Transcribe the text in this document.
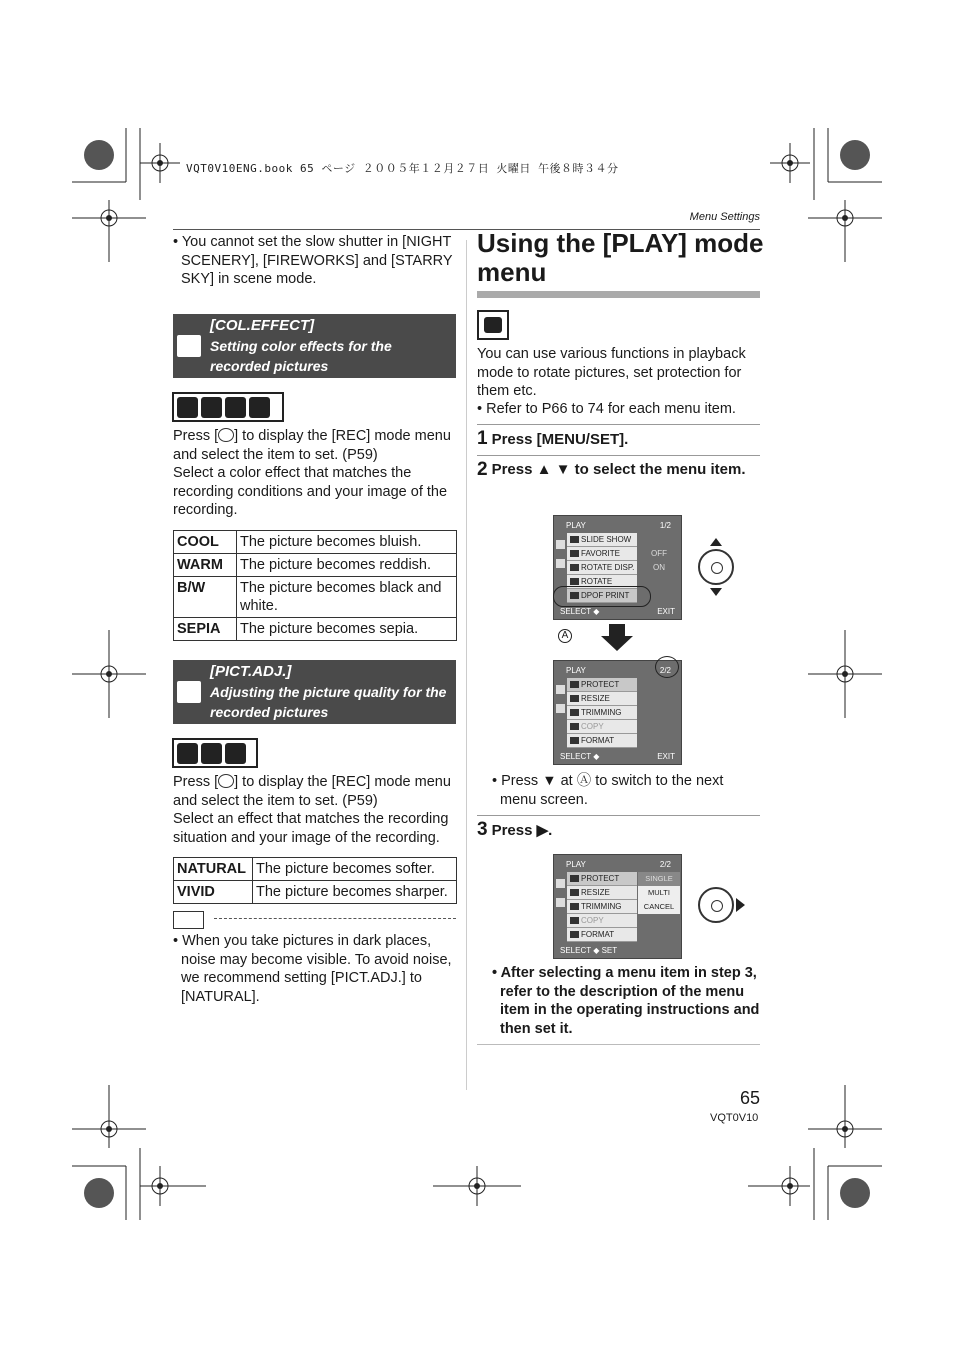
VQT0V10ENG.book 65 ページ ２００５年１２月２７日 火曜日 午後８時３４分
Menu Settings

• You cannot set the slow shutter in [NIGHT SCENERY], [FIREWORKS] and [STARRY SKY] in scene mode.

[COL.EFFECT]
Setting color effects for the recorded pictures

Press [ ] to display the [REC] mode menu and select the item to set. (P59)
Select a color effect that matches the recording conditions and your image of the recording.

COOL	The picture becomes bluish.
WARM	The picture becomes reddish.
B/W	The picture becomes black and white.
SEPIA	The picture becomes sepia.
[PICT.ADJ.]
Adjusting the picture quality for the recorded pictures

Press [ ] to display the [REC] mode menu and select the item to set. (P59)
Select an effect that matches the recording situation and your image of the recording.

NATURAL	The picture becomes softer.
VIVID	The picture becomes sharper.

• When you take pictures in dark places, noise may become visible. To avoid noise, we recommend setting [PICT.ADJ.] to [NATURAL].

Using the [PLAY] mode menu

You can use various functions in playback mode to rotate pictures, set protection for them etc.

• Refer to P66 to 74 for each menu item.

1 Press [MENU/SET].
2 Press ▲ ▼ to select the menu item.
PLAY	1/2
SLIDE SHOW
FAVORITE
ROTATE DISP.
ROTATE
DPOF PRINT
OFF
ON
SELECT ◆	EXIT
A
PLAY	2/2
PROTECT
RESIZE
TRIMMING
COPY
FORMAT
SELECT ◆	EXIT

• Press ▼ at Ⓐ to switch to the next menu screen.

3 Press ▶.
PLAY	2/2
PROTECT
RESIZE
TRIMMING
COPY
FORMAT
SINGLE
MULTI
CANCEL
SELECT ◆ SET

• After selecting a menu item in step 3, refer to the description of the menu item in the operating instructions and then set it.

65
VQT0V10
